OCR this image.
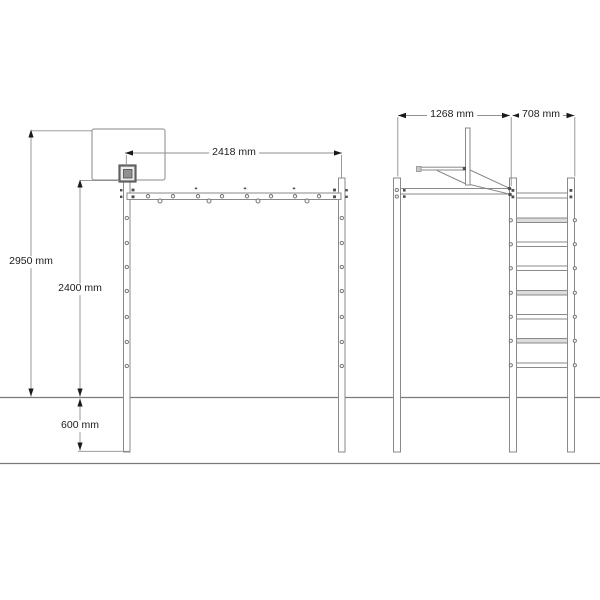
2418 mm
2950 mm
2400 mm
600 mm
1268 mm	708 mm
